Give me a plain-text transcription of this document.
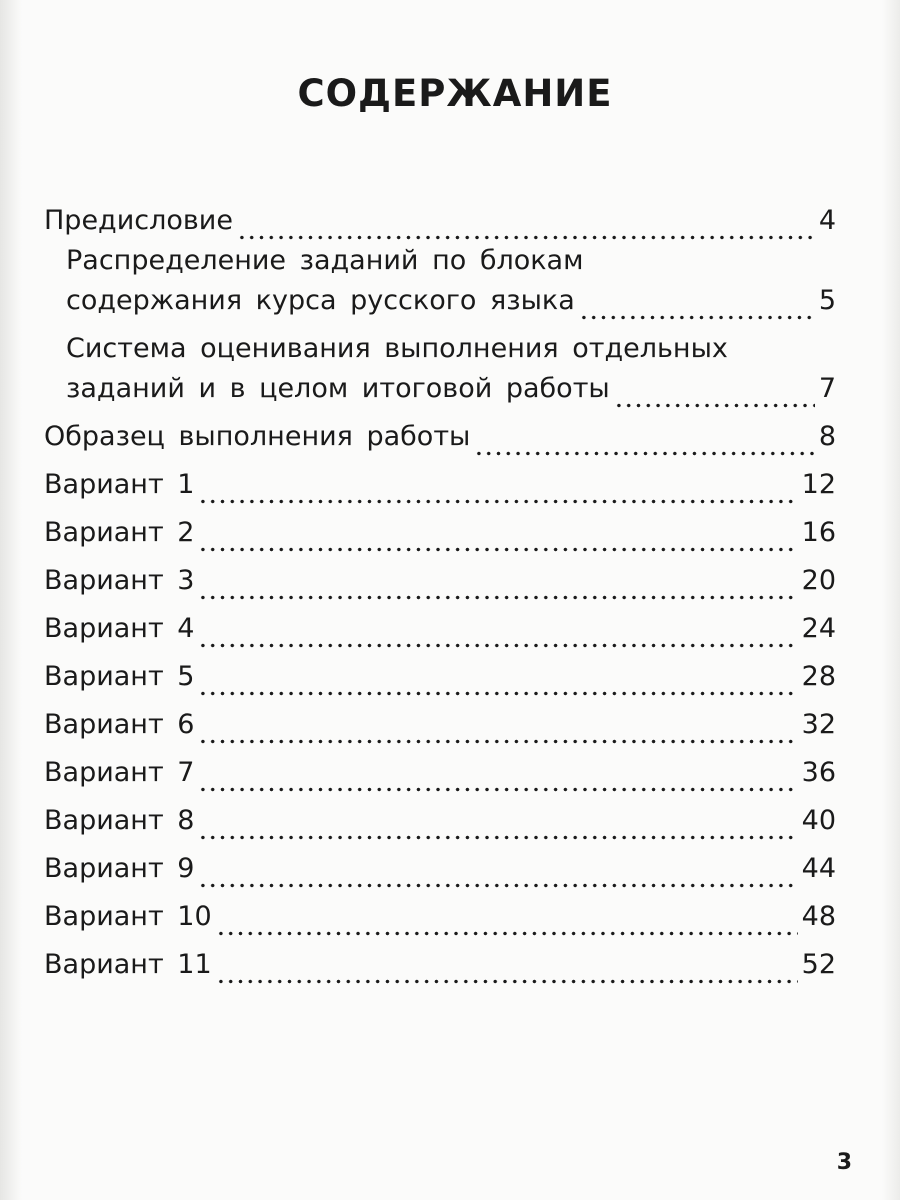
СОДЕРЖАНИЕ
Предисловие	4
Распределение заданий по блокам
содержания курса русского языка	5
Система оценивания выполнения отдельных
заданий и в целом итоговой работы	7
Образец выполнения работы	8
Вариант 1	12
Вариант 2	16
Вариант 3	20
Вариант 4	24
Вариант 5	28
Вариант 6	32
Вариант 7	36
Вариант 8	40
Вариант 9	44
Вариант 10	48
Вариант 11	52
3
